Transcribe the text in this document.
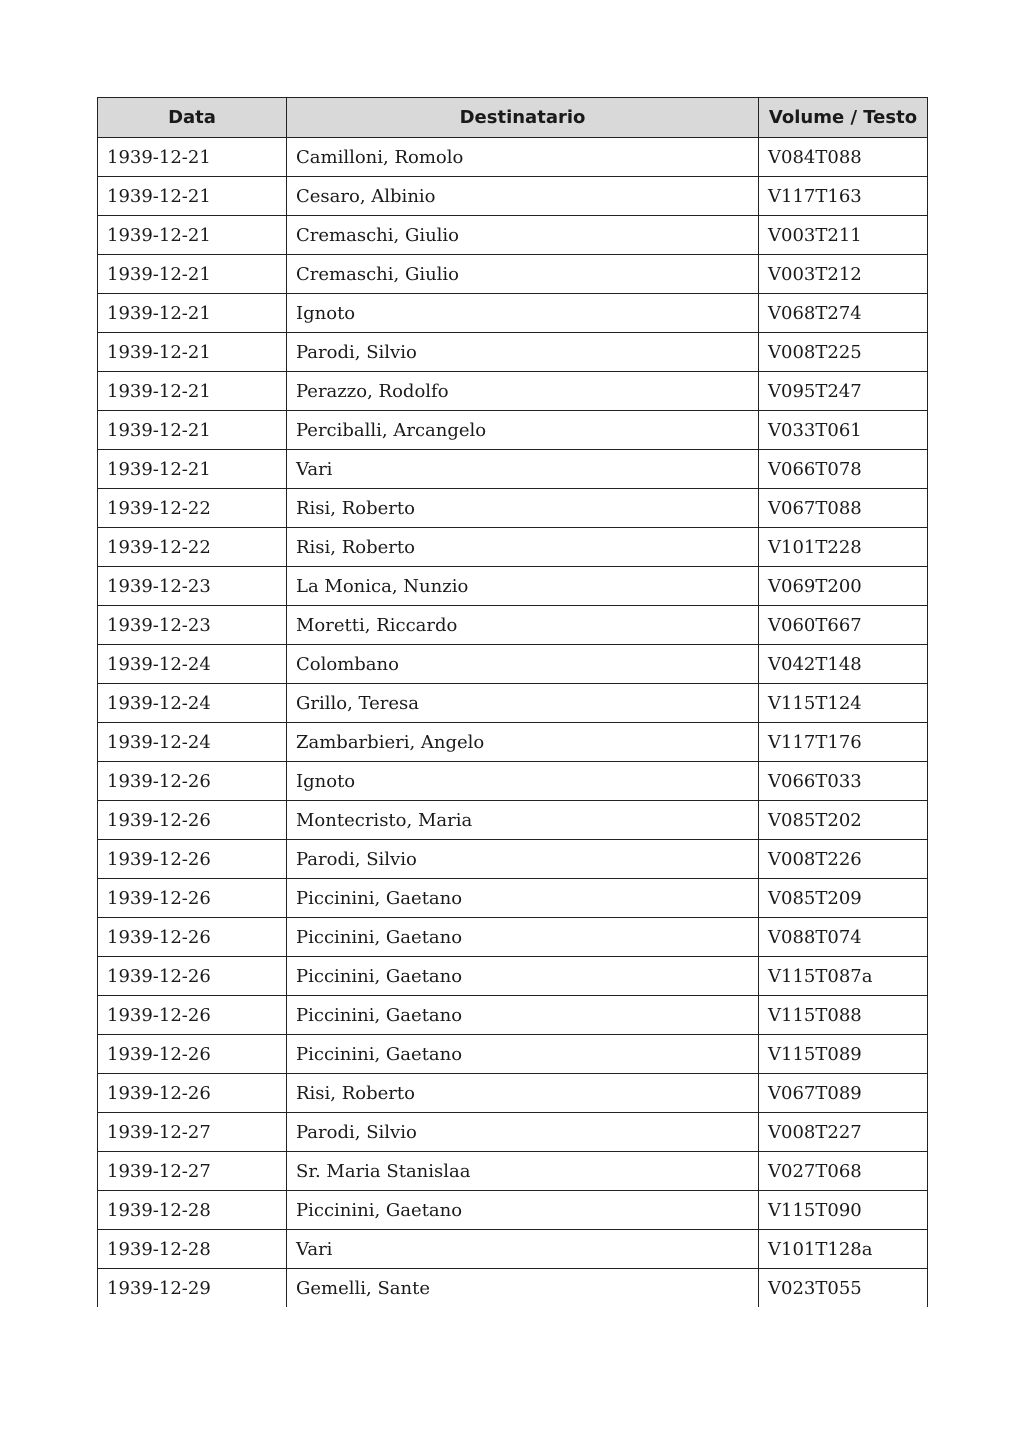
Data	Destinatario	Volume / Testo
1939-12-21	Camilloni, Romolo	V084T088
1939-12-21	Cesaro, Albinio	V117T163
1939-12-21	Cremaschi, Giulio	V003T211
1939-12-21	Cremaschi, Giulio	V003T212
1939-12-21	Ignoto	V068T274
1939-12-21	Parodi, Silvio	V008T225
1939-12-21	Perazzo, Rodolfo	V095T247
1939-12-21	Perciballi, Arcangelo	V033T061
1939-12-21	Vari	V066T078
1939-12-22	Risi, Roberto	V067T088
1939-12-22	Risi, Roberto	V101T228
1939-12-23	La Monica, Nunzio	V069T200
1939-12-23	Moretti, Riccardo	V060T667
1939-12-24	Colombano	V042T148
1939-12-24	Grillo, Teresa	V115T124
1939-12-24	Zambarbieri, Angelo	V117T176
1939-12-26	Ignoto	V066T033
1939-12-26	Montecristo, Maria	V085T202
1939-12-26	Parodi, Silvio	V008T226
1939-12-26	Piccinini, Gaetano	V085T209
1939-12-26	Piccinini, Gaetano	V088T074
1939-12-26	Piccinini, Gaetano	V115T087a
1939-12-26	Piccinini, Gaetano	V115T088
1939-12-26	Piccinini, Gaetano	V115T089
1939-12-26	Risi, Roberto	V067T089
1939-12-27	Parodi, Silvio	V008T227
1939-12-27	Sr. Maria Stanislaa	V027T068
1939-12-28	Piccinini, Gaetano	V115T090
1939-12-28	Vari	V101T128a
1939-12-29	Gemelli, Sante	V023T055
